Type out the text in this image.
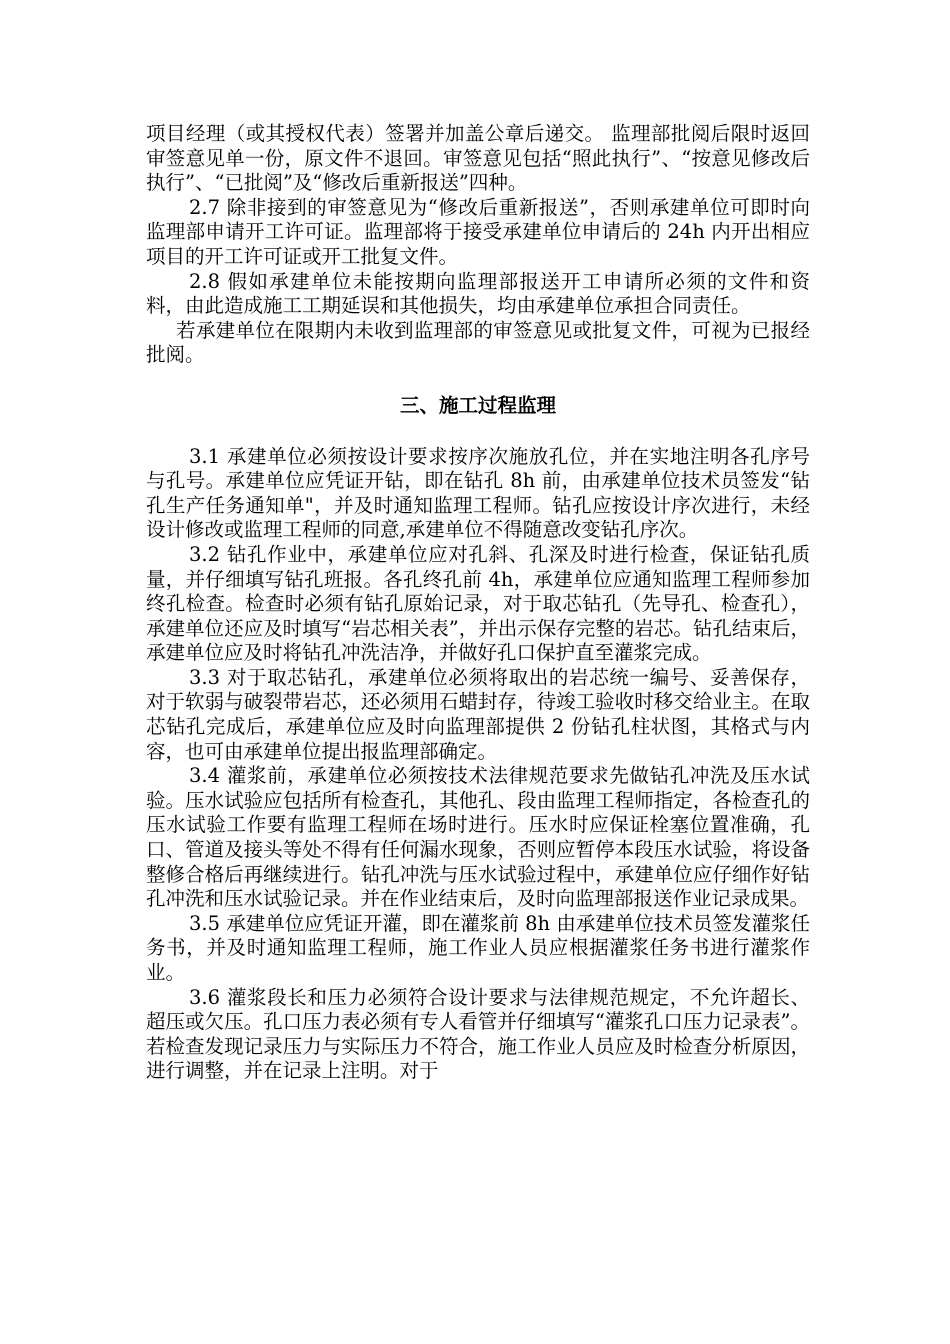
项目经理（或其授权代表）签署并加盖公章后递交。 监理部批阅后限时返回审签意见单一份，原文件不退回。审签意见包括“照此执行”、“按意见修改后执行”、“已批阅”及“修改后重新报送”四种。

2.7 除非接到的审签意见为“修改后重新报送”，否则承建单位可即时向监理部申请开工许可证。监理部将于接受承建单位申请后的 24h 内开出相应项目的开工许可证或开工批复文件。

2.8 假如承建单位未能按期向监理部报送开工申请所必须的文件和资料，由此造成施工工期延误和其他损失，均由承建单位承担合同责任。

若承建单位在限期内未收到监理部的审签意见或批复文件，可视为已报经批阅。

三、施工过程监理

3.1 承建单位必须按设计要求按序次施放孔位，并在实地注明各孔序号与孔号。承建单位应凭证开钻，即在钻孔 8h 前，由承建单位技术员签发“钻孔生产任务通知单"，并及时通知监理工程师。钻孔应按设计序次进行，未经设计修改或监理工程师的同意,承建单位不得随意改变钻孔序次。

3.2 钻孔作业中，承建单位应对孔斜、孔深及时进行检查，保证钻孔质量，并仔细填写钻孔班报。各孔终孔前 4h，承建单位应通知监理工程师参加终孔检查。检查时必须有钻孔原始记录，对于取芯钻孔（先导孔、检查孔），承建单位还应及时填写“岩芯相关表”，并出示保存完整的岩芯。钻孔结束后，承建单位应及时将钻孔冲洗洁净，并做好孔口保护直至灌浆完成。

3.3 对于取芯钻孔，承建单位必须将取出的岩芯统一编号、妥善保存，对于软弱与破裂带岩芯，还必须用石蜡封存，待竣工验收时移交给业主。在取芯钻孔完成后，承建单位应及时向监理部提供 2 份钻孔柱状图，其格式与内容，也可由承建单位提出报监理部确定。

3.4 灌浆前，承建单位必须按技术法律规范要求先做钻孔冲洗及压水试验。压水试验应包括所有检查孔，其他孔、段由监理工程师指定，各检查孔的压水试验工作要有监理工程师在场时进行。压水时应保证栓塞位置准确，孔口、管道及接头等处不得有任何漏水现象，否则应暂停本段压水试验，将设备整修合格后再继续进行。钻孔冲洗与压水试验过程中，承建单位应仔细作好钻孔冲洗和压水试验记录。并在作业结束后，及时向监理部报送作业记录成果。

3.5 承建单位应凭证开灌，即在灌浆前 8h 由承建单位技术员签发灌浆任务书，并及时通知监理工程师，施工作业人员应根据灌浆任务书进行灌浆作业。

3.6 灌浆段长和压力必须符合设计要求与法律规范规定，不允许超长、超压或欠压。孔口压力表必须有专人看管并仔细填写“灌浆孔口压力记录表”。若检查发现记录压力与实际压力不符合，施工作业人员应及时检查分析原因，进行调整，并在记录上注明。对于
